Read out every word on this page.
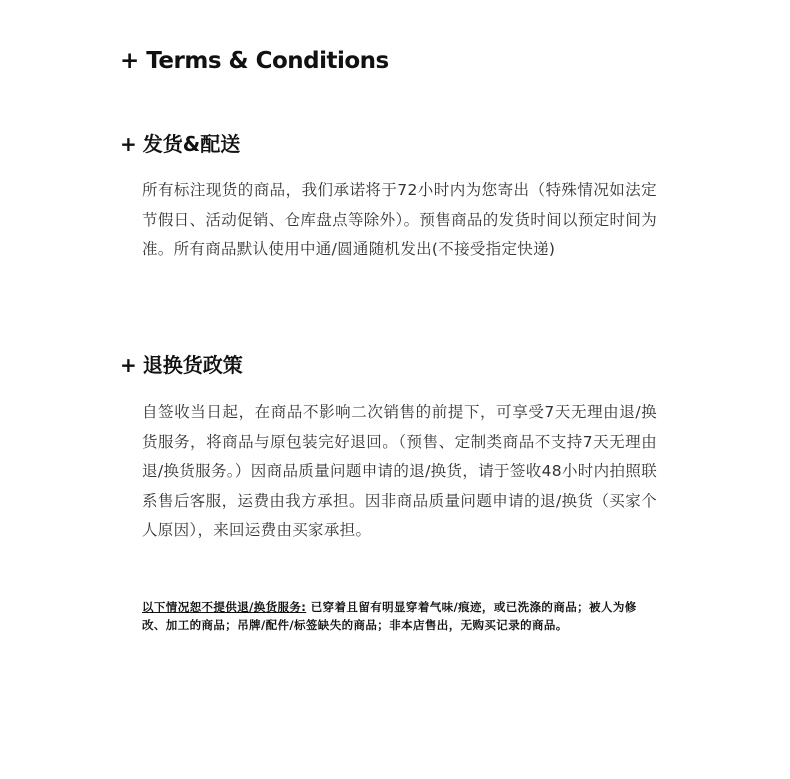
+ Terms & Conditions
+ 发货&配送
所有标注现货的商品，我们承诺将于72小时内为您寄出（特殊情况如法定节假日、活动促销、仓库盘点等除外）。预售商品的发货时间以预定时间为准。所有商品默认使用中通/圆通随机发出(不接受指定快递)
+ 退换货政策
自签收当日起，在商品不影响二次销售的前提下，可享受7天无理由退/换货服务，将商品与原包装完好退回。（预售、定制类商品不支持7天无理由退/换货服务。）因商品质量问题申请的退/换货，请于签收48小时内拍照联系售后客服，运费由我方承担。因非商品质量问题申请的退/换货（买家个人原因），来回运费由买家承担。
以下情况恕不提供退/换货服务: 已穿着且留有明显穿着气味/痕迹，或已洗涤的商品；被人为修改、加工的商品；吊牌/配件/标签缺失的商品；非本店售出，无购买记录的商品。
